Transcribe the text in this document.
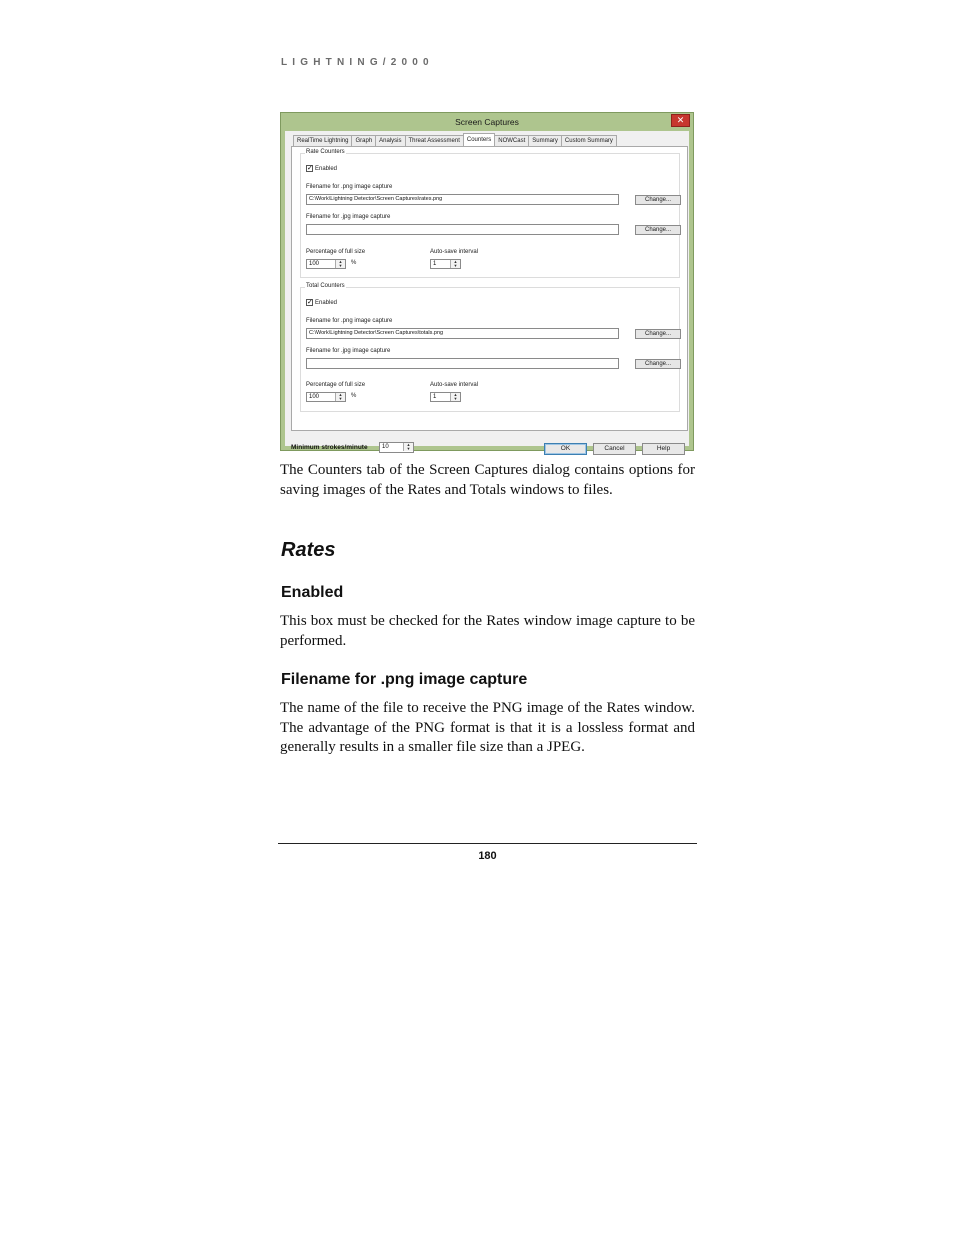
LIGHTNING/2000
Screen Captures	✕
RealTime Lightning	Graph	Analysis	Threat Assessment	Counters	NOWCast	Summary	Custom Summary
Rate Counters
✓ Enabled
Filename for .png image capture
C:\Work\Lightning Detector\Screen Captures\rates.png	Change...
Filename for .jpg image capture
Change...
Percentage of full size	Auto-save interval
100	▲
▼	%	1	▲
▼
Total Counters
✓ Enabled
Filename for .png image capture
C:\Work\Lightning Detector\Screen Captures\totals.png	Change...
Filename for .jpg image capture
Change...
Percentage of full size	Auto-save interval
100	▲
▼	%	1	▲
▼
Minimum strokes/minute	10	▲
▼	OK	Cancel	Help
The Counters tab of the Screen Captures dialog contains options for saving images of the Rates and Totals windows to files.
Rates
Enabled
This box must be checked for the Rates window image capture to be performed.
Filename for .png image capture
The name of the file to receive the PNG image of the Rates window. The advantage of the PNG format is that it is a lossless format and generally results in a smaller file size than a JPEG.
180
